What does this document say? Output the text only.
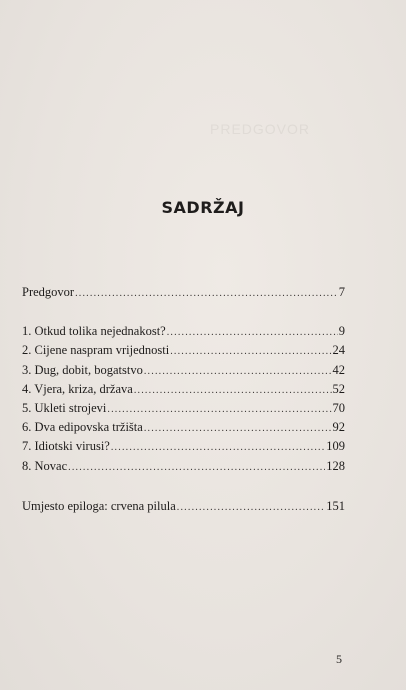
PREDGOVOR
SADRŽAJ
Predgovor .....	7
1. Otkud tolika nejednakost? .....	9
2. Cijene naspram vrijednosti .....	24
3. Dug, dobit, bogatstvo .....	42
4. Vjera, kriza, država .....	52
5. Ukleti strojevi .....	70
6. Dva edipovska tržišta .....	92
7. Idiotski virusi? .....	109
8. Novac .....	128
Umjesto epiloga: crvena pilula .....	151
5
